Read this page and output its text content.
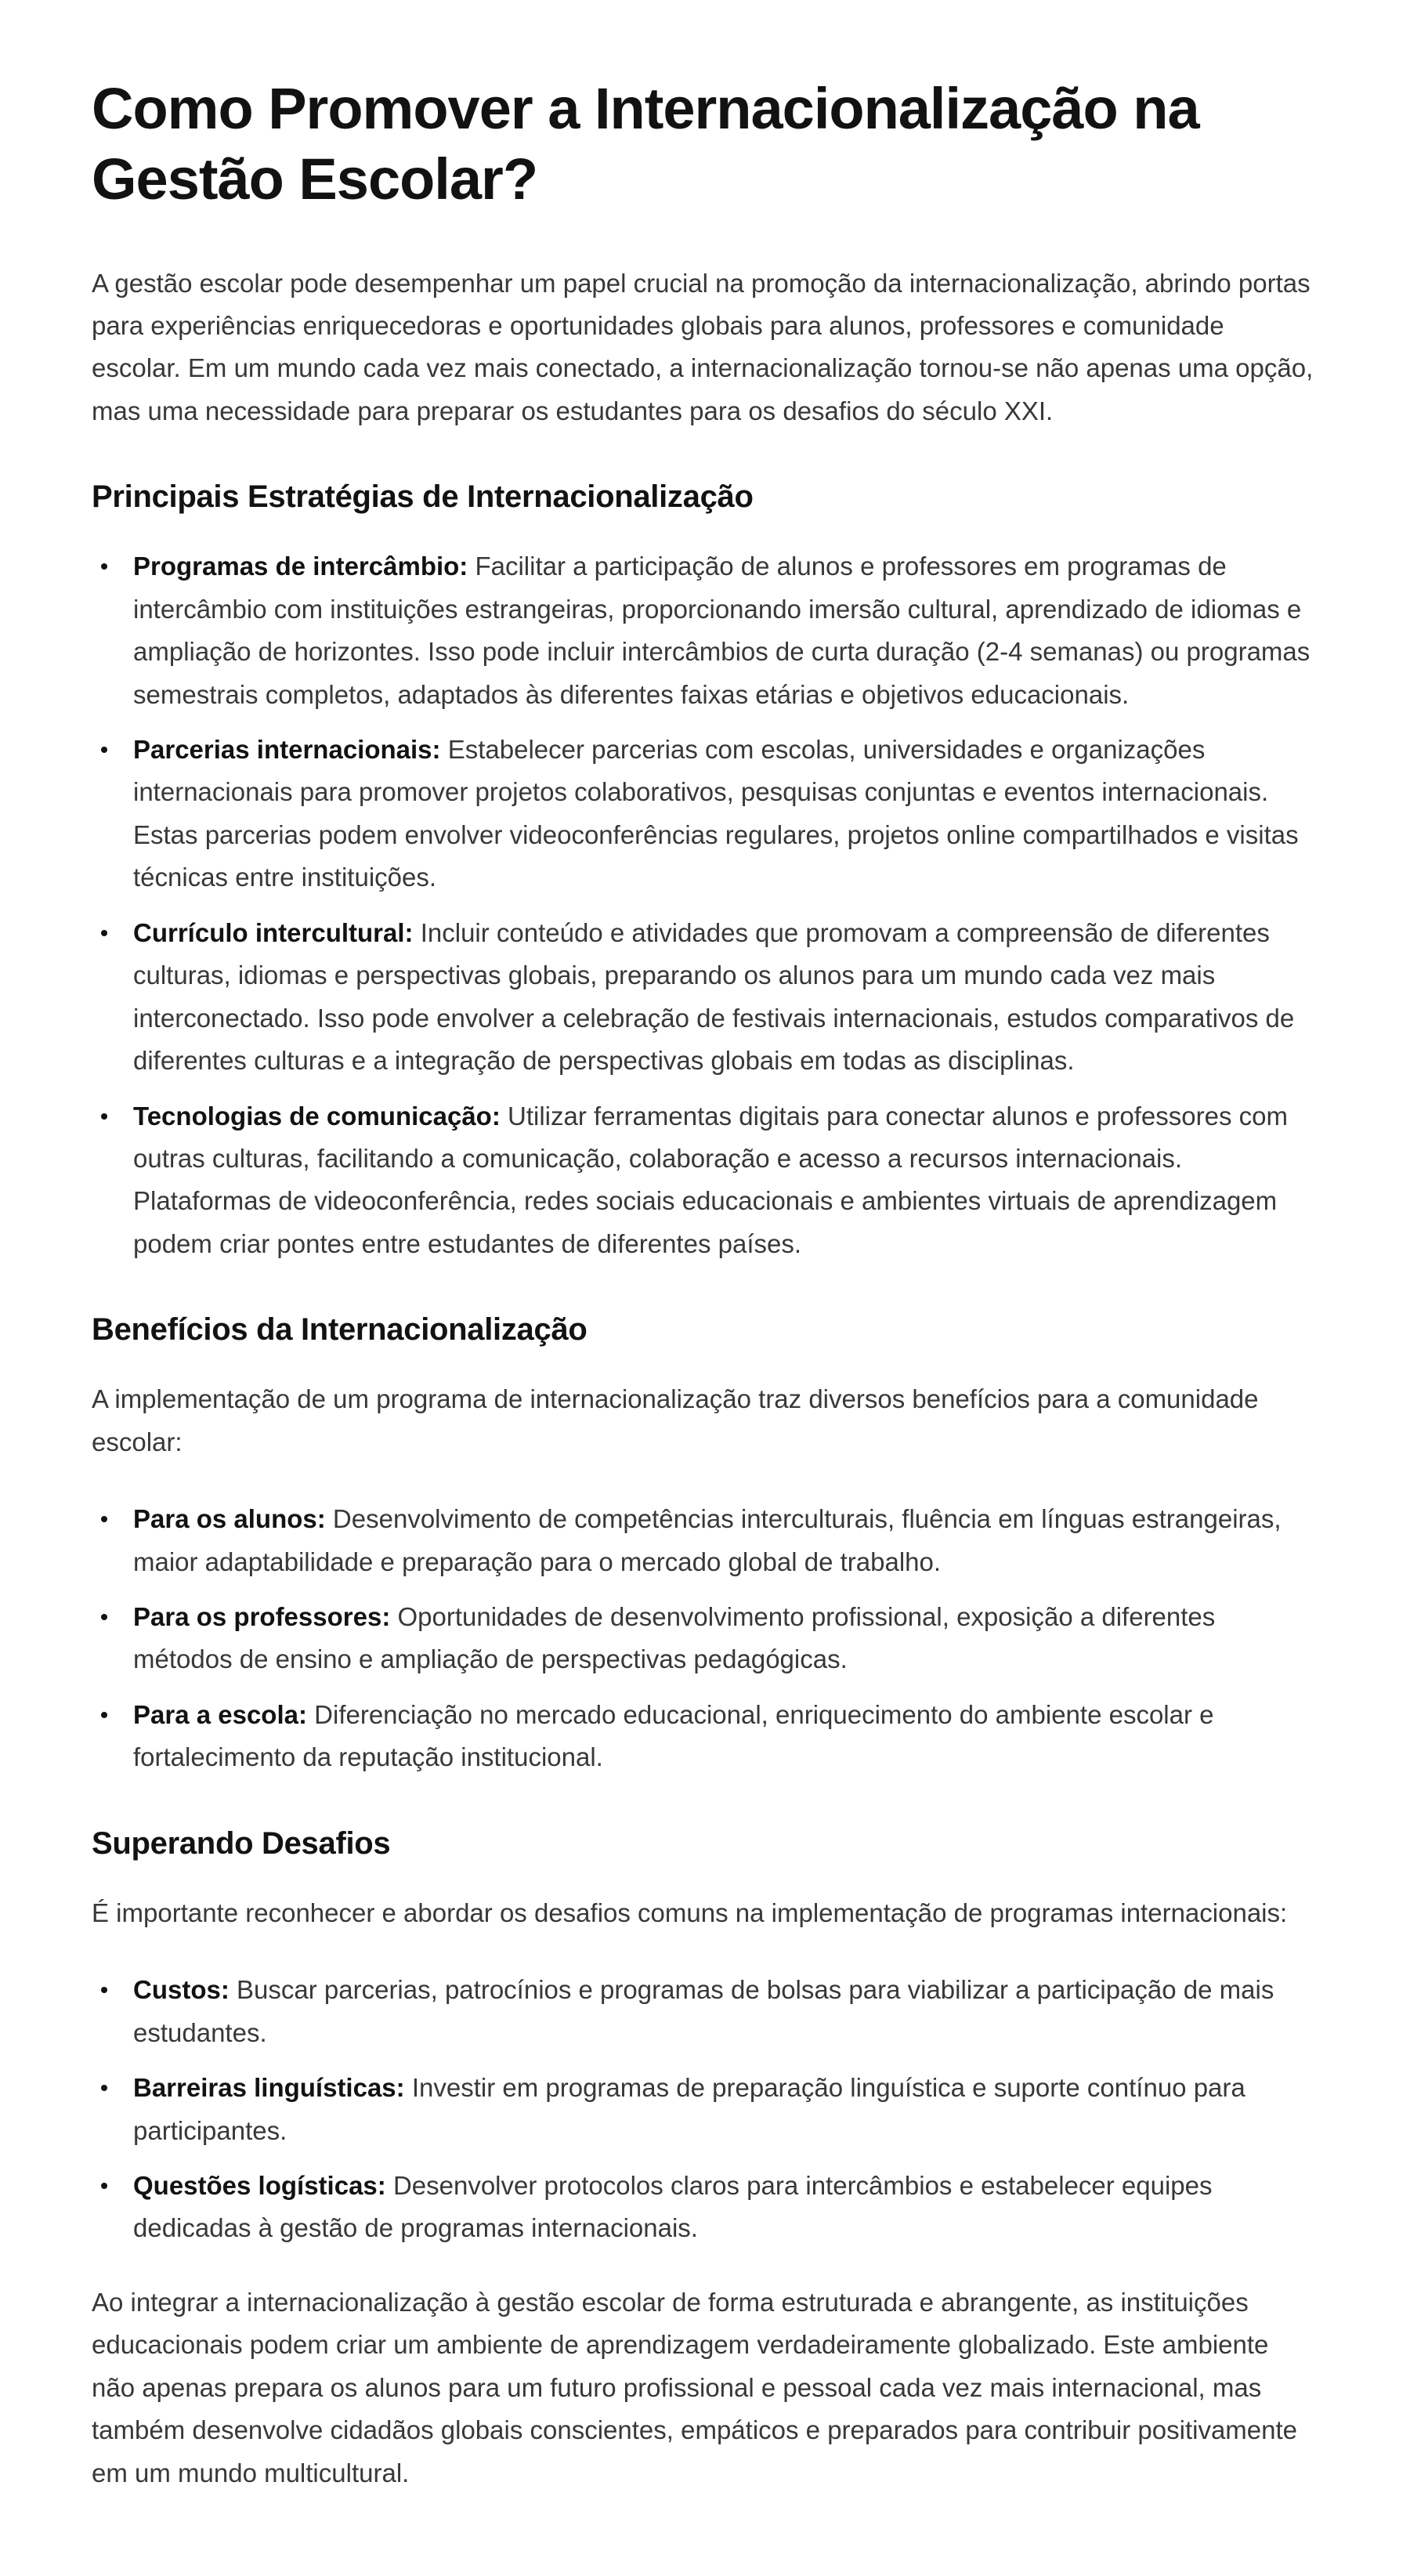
Como Promover a Internacionalização na Gestão Escolar?

A gestão escolar pode desempenhar um papel crucial na promoção da internacionalização, abrindo portas para experiências enriquecedoras e oportunidades globais para alunos, professores e comunidade escolar. Em um mundo cada vez mais conectado, a internacionalização tornou-se não apenas uma opção, mas uma necessidade para preparar os estudantes para os desafios do século XXI.

Principais Estratégias de Internacionalização
Programas de intercâmbio: Facilitar a participação de alunos e professores em programas de intercâmbio com instituições estrangeiras, proporcionando imersão cultural, aprendizado de idiomas e ampliação de horizontes. Isso pode incluir intercâmbios de curta duração (2-4 semanas) ou programas semestrais completos, adaptados às diferentes faixas etárias e objetivos educacionais.
Parcerias internacionais: Estabelecer parcerias com escolas, universidades e organizações internacionais para promover projetos colaborativos, pesquisas conjuntas e eventos internacionais. Estas parcerias podem envolver videoconferências regulares, projetos online compartilhados e visitas técnicas entre instituições.
Currículo intercultural: Incluir conteúdo e atividades que promovam a compreensão de diferentes culturas, idiomas e perspectivas globais, preparando os alunos para um mundo cada vez mais interconectado. Isso pode envolver a celebração de festivais internacionais, estudos comparativos de diferentes culturas e a integração de perspectivas globais em todas as disciplinas.
Tecnologias de comunicação: Utilizar ferramentas digitais para conectar alunos e professores com outras culturas, facilitando a comunicação, colaboração e acesso a recursos internacionais. Plataformas de videoconferência, redes sociais educacionais e ambientes virtuais de aprendizagem podem criar pontes entre estudantes de diferentes países.
Benefícios da Internacionalização

A implementação de um programa de internacionalização traz diversos benefícios para a comunidade escolar:

Para os alunos: Desenvolvimento de competências interculturais, fluência em línguas estrangeiras, maior adaptabilidade e preparação para o mercado global de trabalho.
Para os professores: Oportunidades de desenvolvimento profissional, exposição a diferentes métodos de ensino e ampliação de perspectivas pedagógicas.
Para a escola: Diferenciação no mercado educacional, enriquecimento do ambiente escolar e fortalecimento da reputação institucional.
Superando Desafios

É importante reconhecer e abordar os desafios comuns na implementação de programas internacionais:

Custos: Buscar parcerias, patrocínios e programas de bolsas para viabilizar a participação de mais estudantes.
Barreiras linguísticas: Investir em programas de preparação linguística e suporte contínuo para participantes.
Questões logísticas: Desenvolver protocolos claros para intercâmbios e estabelecer equipes dedicadas à gestão de programas internacionais.

Ao integrar a internacionalização à gestão escolar de forma estruturada e abrangente, as instituições educacionais podem criar um ambiente de aprendizagem verdadeiramente globalizado. Este ambiente não apenas prepara os alunos para um futuro profissional e pessoal cada vez mais internacional, mas também desenvolve cidadãos globais conscientes, empáticos e preparados para contribuir positivamente em um mundo multicultural.
